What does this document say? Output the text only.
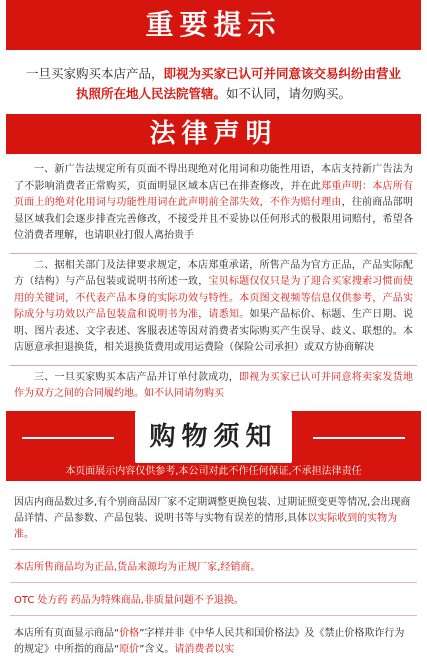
重要提示
一旦买家购买本店产品，即视为买家已认可并同意该交易纠纷由营业执照所在地人民法院管辖。如不认同，请勿购买。
法律声明

一、新广告法规定所有页面不得出现绝对化用词和功能性用语，本店支持新广告法为了不影响消费者正常购买，页面明显区域本店已在排查修改，并在此郑重声明：本店所有页面上的绝对化用词与功能性用词在此声明前全部失效，不作为赔付理由，往前商品部明显区域我们会逐步排查完善修改，不接受并且不妥协以任何形式的极限用词赔付，希望各位消费者理解，也请职业打假人离抬贵手

二、据相关部门及法律要求规定，本店郑重承诺，所售产品为官方正品，产品实际配方（结构）与产品包装或说明书所述一致，宝贝标题仅仅只是为了迎合买家搜索习惯而使用的关键词，不代表产品本身的实际功效与特性。本页图文视频等信息仅供参考，产品实际成分与功效以产品包装盒和说明书为准，请悉知。如果产品标价、标题、生产日期、说明、图片表述、文字表述、客服表述等因对消费者实际购买产生误导、歧义、联想的。本店愿意承担退换货，相关退换货费用或用运费险（保险公司承担）或双方协商解决

三、一旦买家购买本店产品并订单付款成功，即视为买家已认可并同意将卖家发货地作为双方之间的合同履约地。如不认同请勿购买

购物须知
本页面展示内容仅供参考,本公司对此不作任何保证,不承担法律责任
因店内商品数过多,有个别商品因厂家不定期调整更换包装、过期证照变更等情况,会出现商品详情、产品参数、产品包装、说明书等与实物有误差的情形,具体以实际收到的实物为准。
本店所售商品均为正品,货品来源均为正规厂家,经销商。
OTC 处方药 药品为特殊商品,非质量问题不予退换。
本店所有页面显示商品“价格”字样并非《中华人民共和国价格法》及《禁止价格欺诈行为的规定》中所指的商品“原价”含义。请消费者以实
